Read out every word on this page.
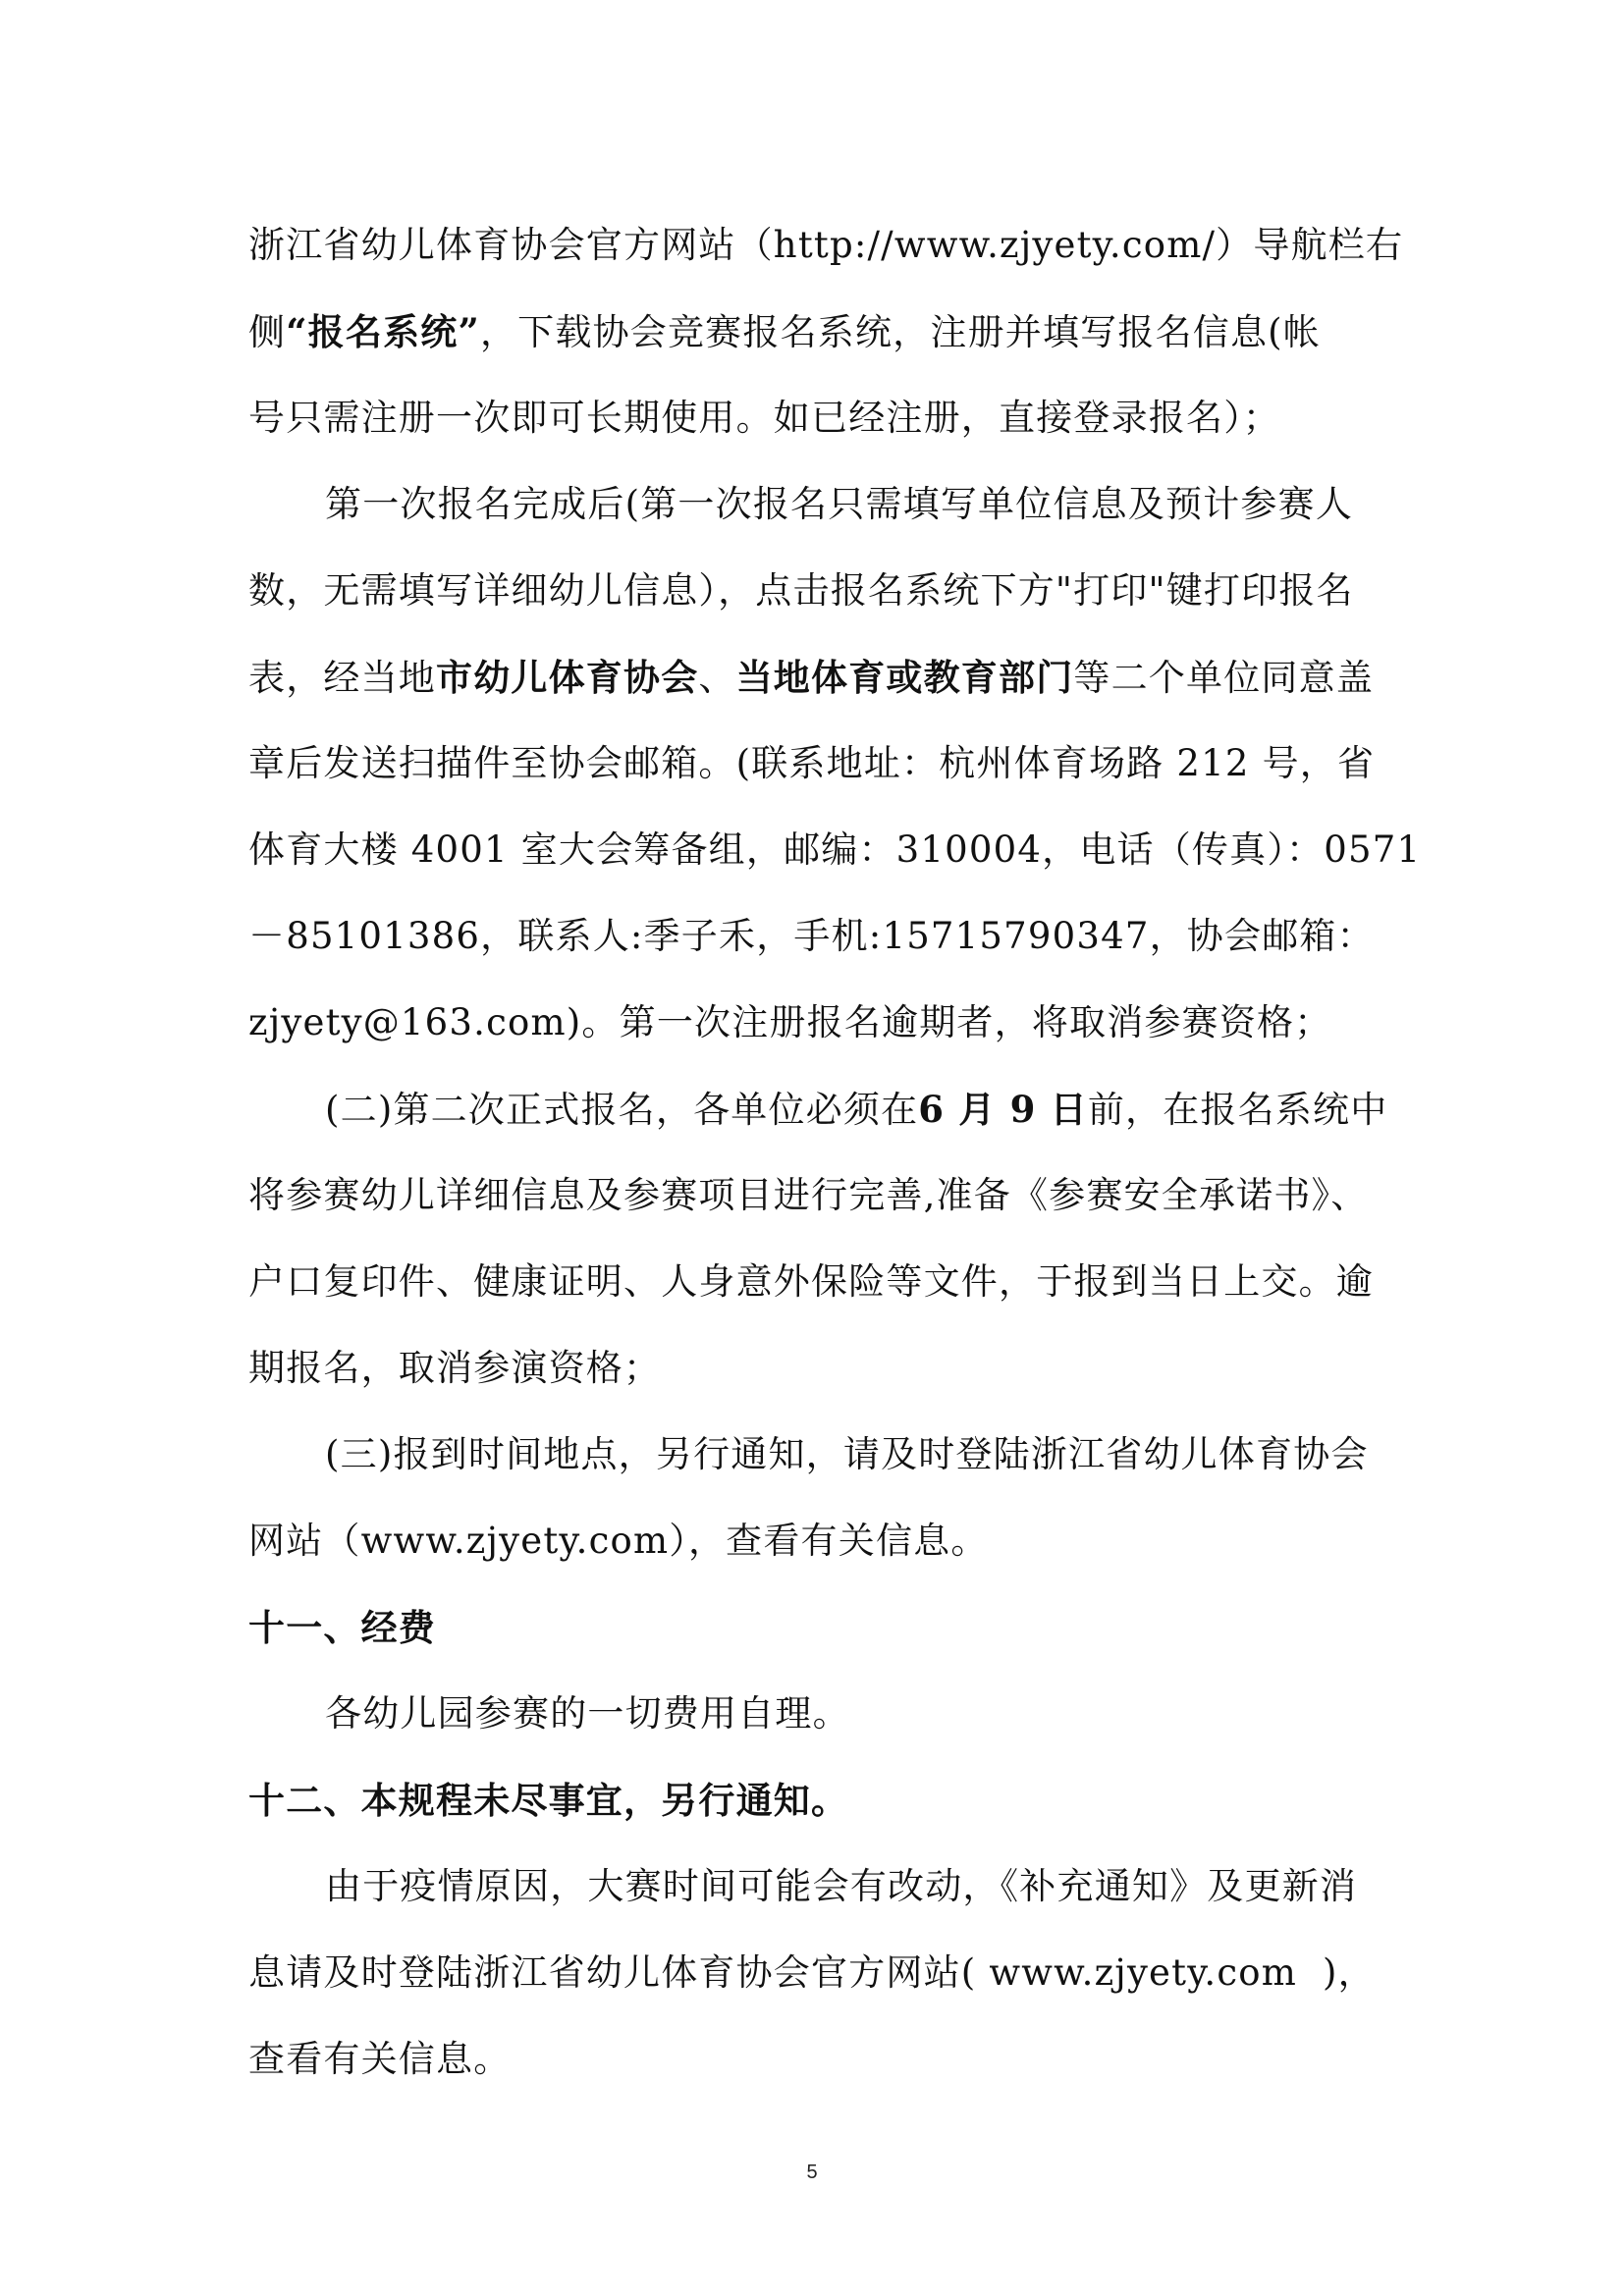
浙江省幼儿体育协会官方网站（http://www.zjyety.com/）导航栏右
侧“报名系统”，下载协会竞赛报名系统，注册并填写报名信息(帐
号只需注册一次即可长期使用。如已经注册，直接登录报名）；
第一次报名完成后(第一次报名只需填写单位信息及预计参赛人
数，无需填写详细幼儿信息），点击报名系统下方"打印"键打印报名
表，经当地市幼儿体育协会、当地体育或教育部门等二个单位同意盖
章后发送扫描件至协会邮箱。(联系地址：杭州体育场路 212 号，省
体育大楼 4001 室大会筹备组，邮编：310004，电话（传真）：0571
－85101386，联系人:季子禾，手机:15715790347，协会邮箱：
zjyety@163.com)。第一次注册报名逾期者，将取消参赛资格；
(二)第二次正式报名，各单位必须在6 月 9 日前，在报名系统中
将参赛幼儿详细信息及参赛项目进行完善,准备《参赛安全承诺书》、
户口复印件、健康证明、人身意外保险等文件，于报到当日上交。逾
期报名，取消参演资格；
(三)报到时间地点，另行通知，请及时登陆浙江省幼儿体育协会
网站（www.zjyety.com），查看有关信息。
十一、经费
各幼儿园参赛的一切费用自理。
十二、本规程未尽事宜，另行通知。
由于疫情原因，大赛时间可能会有改动，《补充通知》及更新消
息请及时登陆浙江省幼儿体育协会官方网站( www.zjyety.com  )，
查看有关信息。
5
